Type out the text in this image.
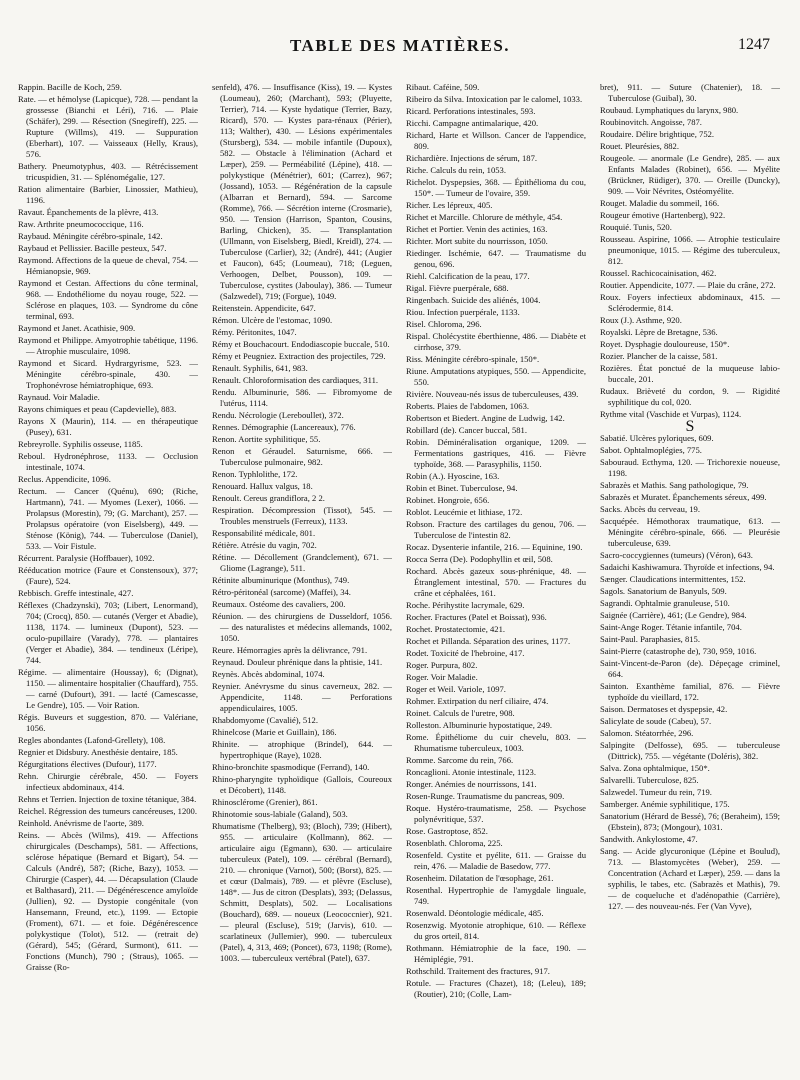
TABLE DES MATIÈRES.	1247

Rappin. Bacille de Koch, 259.

Rate. — et hémolyse (Lapicque), 728. — pendant la grossesse (Bianchi et Léri), 716. — Plaie (Schäfer), 299. — Résection (Snegireff), 225. — Rupture (Willms), 419. — Suppuration (Eberhart), 107. — Vaisseaux (Helly, Kraus), 576.

Bathery. Pneumotyphus, 403. — Rétrécissement tricuspidien, 31. — Splénomégalie, 127.

Ration alimentaire (Barbier, Linossier, Mathieu), 1196.

Ravaut. Épanchements de la plèvre, 413.

Raw. Arthrite pneumococcique, 116.

Raybaud. Méningite cérébro-spinale, 142.

Raybaud et Pellissier. Bacille pesteux, 547.

Raymond. Affections de la queue de cheval, 754. — Hémianopsie, 969.

Raymond et Cestan. Affections du cône terminal, 968. — Endothéliome du noyau rouge, 522. — Sclérose en plaques, 103. — Syndrome du cône terminal, 693.

Raymond et Janet. Acathisie, 909.

Raymond et Philippe. Amyotrophie tabétique, 1196. — Atrophie musculaire, 1098.

Raymond et Sicard. Hydrargyrisme, 523. — Méningite cérébro-spinale, 430. — Trophonévrose hémiatrophique, 693.

Raynaud. Voir Maladie.

Rayons chimiques et peau (Capdevielle), 883.

Rayons X (Maurin), 114. — en thérapeutique (Pusey), 631.

Rebreyrolle. Syphilis osseuse, 1185.

Reboul. Hydronéphrose, 1133. — Occlusion intestinale, 1074.

Reclus. Appendicite, 1096.

Rectum. — Cancer (Quénu), 690; (Riche, Hartmann), 741. — Myomes (Lexer), 1066. — Prolapsus (Morestin), 79; (G. Marchant), 257. — Prolapsus opératoire (von Eiselsberg), 449. — Sténose (König), 744. — Tuberculose (Daniel), 533. — Voir Fistule.

Récurrent. Paralysie (Hoffbauer), 1092.

Rééducation motrice (Faure et Constensoux), 377; (Faure), 524.

Rebbisch. Greffe intestinale, 427.

Réflexes (Chadzynski), 703; (Libert, Lenormand), 704; (Crocq), 850. — cutanés (Verger et Abadie), 1138, 1174. — lumineux (Dupont), 523. — oculo-pupillaire (Varady), 778. — plantaires (Verger et Abadie), 384. — tendineux (Léripe), 744.

Régime. — alimentaire (Houssay), 6; (Dignat), 1150. — alimentaire hospitalier (Chauffard), 755. — carné (Dufourt), 391. — lacté (Camescasse, Le Gendre), 105. — Voir Ration.

Régis. Buveurs et suggestion, 870. — Valériane, 1056.

Regles abondantes (Lafond-Grellety), 108.

Regnier et Didsbury. Anesthésie dentaire, 185.

Régurgitations électives (Dufour), 1177.

Rehn. Chirurgie cérébrale, 450. — Foyers infectieux abdominaux, 414.

Rehns et Terrien. Injection de toxine tétanique, 384.

Reichel. Régression des tumeurs cancéreuses, 1200.

Reinhold. Anévrisme de l'aorte, 389.

Reins. — Abcès (Wilms), 419. — Affections chirurgicales (Deschamps), 581. — Affections, sclérose hépatique (Bernard et Bigart), 54. — Calculs (André), 587; (Riche, Bazy), 1053. — Chirurgie (Casper), 44. — Décapsulation (Claude et Balthasard), 211. — Dégénérescence amyloïde (Jullien), 92. — Dystopie congénitale (von Hansemann, Freund, etc.), 1199. — Ectopie (Froment), 671. — et foie. Dégénérescence polykystique (Tolot), 512. — (retrait de) (Gérard), 545; (Gérard, Surmont), 611. — Fonctions (Munch), 790 ; (Straus), 1065. — Graisse (Ro-

senfeld), 476. — Insuffisance (Kiss), 19. — Kystes (Loumeau), 260; (Marchant), 593; (Pluyette, Terrier), 714. — Kyste hydatique (Terrier, Bazy, Ricard), 570. — Kystes para-rénaux (Périer), 113; Walther), 430. — Lésions expérimentales (Stursberg), 534. — mobile infantile (Dupoux), 582. — Obstacle à l'élimination (Achard et Læper), 259. — Perméabilité (Lépine), 418. — polykystique (Ménétrier), 601; (Carrez), 967; (Jossand), 1053. — Régénération de la capsule (Albarran et Bernard), 594. — Sarcome (Romme), 766. — Sécrétion interne (Crosmarie), 950. — Tension (Harrison, Spanton, Cousins, Barling, Chicken), 35. — Transplantation (Ullmann, von Eiselsberg, Biedl, Kreidl), 274. — Tuberculose (Carlier), 32; (André), 441; (Augier et Faucon), 645; (Loumeau), 718; (Leguen, Verhoogen, Delbet, Pousson), 109. — Tuberculose, cystites (Jaboulay), 386. — Tumeur (Salzwedel), 719; (Forgue), 1049.

Reitenstein. Appendicite, 647.

Rémon. Ulcère de l'estomac, 1090.

Rémy. Péritonites, 1047.

Rémy et Bouchacourt. Endodiascopie buccale, 510.

Rémy et Peugniez. Extraction des projectiles, 729.

Renault. Syphilis, 641, 983.

Renault. Chloroformisation des cardiaques, 311.

Rendu. Albuminurie, 586. — Fibromyome de l'utérus, 1114.

Rendu. Nécrologie (Lereboullet), 372.

Rennes. Démographie (Lancereaux), 776.

Renon. Aortite syphilitique, 55.

Renon et Géraudel. Saturnisme, 666. — Tuberculose pulmonaire, 982.

Renon. Typhlolithe, 172.

Renouard. Hallux valgus, 18.

Renoult. Cereus grandiflora, 2 2.

Respiration. Décompression (Tissot), 545. — Troubles menstruels (Ferreux), 1133.

Responsabilité médicale, 801.

Rétière. Atrésie du vagin, 702.

Rétine. — Décollement (Grandclement), 671. — Gliome (Lagrange), 511.

Rétinite albuminurique (Monthus), 749.

Rétro-péritonéal (sarcome) (Maffei), 34.

Reumaux. Ostéome des cavaliers, 200.

Réunion. — des chirurgiens de Dusseldorf, 1056. — des naturalistes et médecins allemands, 1002, 1050.

Reure. Hémorragies après la délivrance, 791.

Reynaud. Douleur phrénique dans la phtisie, 141.

Reynès. Abcès abdominal, 1074.

Reynier. Anévrysme du sinus caverneux, 282. — Appendicite, 1148. — Perforations appendiculaires, 1005.

Rhabdomyome (Cavalié), 512.

Rhinelcose (Marie et Guillain), 186.

Rhinite. — atrophique (Brindel), 644. — hypertrophique (Raye), 1028.

Rhino-bronchite spasmodique (Ferrand), 140.

Rhino-pharyngite typhoïdique (Gallois, Coureoux et Décobert), 1148.

Rhinosclérome (Grenier), 861.

Rhinotomie sous-labiale (Galand), 503.

Rhumatisme (Thelberg), 93; (Bloch), 739; (Hibert), 955. — articulaire (Kollmann), 862. — articulaire aigu (Egmann), 630. — articulaire tuberculeux (Patel), 109. — cérébral (Bernard), 210. — chronique (Varnot), 500; (Borst), 825. — et cœur (Dalmais), 789. — et plèvre (Escluse), 148*. — Jus de citron (Desplats), 393; (Delassus, Schmitt, Desplats), 502. — Localisations (Bouchard), 689. — noueux (Leococcnier), 921. — pleural (Escluse), 519; (Jarvis), 610. — scarlatineux (Jullemier), 990. — tuberculeux (Patel), 4, 313, 469; (Poncet), 673, 1198; (Rome), 1003. — tuberculeux vertébral (Patel), 637.

Ribaut. Caféine, 509.

Ribeiro da Silva. Intoxication par le calomel, 1033.

Ricard. Perforations intestinales, 593.

Ricchi. Campagne antimalarique, 420.

Richard, Harte et Willson. Cancer de l'appendice, 809.

Richardière. Injections de sérum, 187.

Riche. Calculs du rein, 1053.

Richelot. Dyspepsies, 368. — Épithélioma du cou, 150*. — Tumeur de l'ovaire, 359.

Richer. Les lépreux, 405.

Richet et Marcille. Chlorure de méthyle, 454.

Richet et Portier. Venin des actinies, 163.

Richter. Mort subite du nourrisson, 1050.

Riedinger. Ischémie, 647. — Traumatisme du genou, 696.

Riehl. Calcification de la peau, 177.

Rigal. Fièvre puerpérale, 688.

Ringenbach. Suicide des aliénés, 1004.

Riou. Infection puerpérale, 1133.

Risel. Chloroma, 296.

Rispal. Cholécystite éberthienne, 486. — Diabète et cirrhose, 379.

Riss. Méningite cérébro-spinale, 150*.

Riune. Amputations atypiques, 550. — Appendicite, 550.

Rivière. Nouveau-nés issus de tuberculeuses, 439.

Roberts. Plaies de l'abdomen, 1063.

Robertson et Biedert. Angine de Ludwig, 142.

Robillard (de). Cancer buccal, 581.

Robin. Déminéralisation organique, 1209. — Fermentations gastriques, 416. — Fièvre typhoïde, 368. — Parasyphilis, 1150.

Robin (A.). Hyoscine, 163.

Robin et Binet. Tuberculose, 94.

Robinet. Hongroie, 656.

Roblot. Leucémie et lithiase, 172.

Robson. Fracture des cartilages du genou, 706. — Tuberculose de l'intestin 82.

Rocaz. Dysenterie infantile, 216. — Equinine, 190.

Rocca Serra (De). Podophyllin et œil, 508.

Rochard. Abcès gazeux sous-phrénique, 48. — Étranglement intestinal, 570. — Fractures du crâne et céphalées, 161.

Roche. Périhystite lacrymale, 629.

Rocher. Fractures (Patel et Boissat), 936.

Rochet. Prostatectomie, 421.

Rochet et Pillanda. Séparation des urines, 1177.

Rodet. Toxicité de l'hebroine, 417.

Roger. Purpura, 802.

Roger. Voir Maladie.

Roger et Weil. Variole, 1097.

Rohmer. Extirpation du nerf ciliaire, 474.

Roinet. Calculs de l'uretre, 908.

Rolleston. Albuminurie hypostatique, 249.

Rome. Épithéliome du cuir chevelu, 803. — Rhumatisme tuberculeux, 1003.

Romme. Sarcome du rein, 766.

Roncaglioni. Atonie intestinale, 1123.

Ronger. Anémies de nourrissons, 141.

Rosen-Runge. Traumatisme du pancreas, 909.

Roque. Hystéro-traumatisme, 258. — Psychose polynévritique, 537.

Rose. Gastroptose, 852.

Rosenblath. Chloroma, 225.

Rosenfeld. Cystite et pyélite, 611. — Graisse du rein, 476. — Maladie de Basedow, 777.

Rosenheim. Dilatation de l'œsophage, 261.

Rosenthal. Hypertrophie de l'amygdale linguale, 749.

Rosenwald. Déontologie médicale, 485.

Rosenzwig. Myotonie atrophique, 610. — Réflexe du gros orteil, 814.

Rothmann. Hémiatrophie de la face, 190. — Hémiplégie, 791.

Rothschild. Traitement des fractures, 917.

Rotule. — Fractures (Chazet), 18; (Leleu), 189; (Routier), 210; (Colle, Lam-

bret), 911. — Suture (Chatenier), 18. — Tuberculose (Guibal), 30.

Roubaud. Lymphatiques du larynx, 980.

Roubinovitch. Angoisse, 787.

Roudaire. Délire brightique, 752.

Rouet. Pleurésies, 882.

Rougeole. — anormale (Le Gendre), 285. — aux Enfants Malades (Robinet), 656. — Myélite (Brückner, Rüdiger), 370. — Oreille (Duncky), 909. — Voir Névrites, Ostéomyélite.

Rouget. Maladie du sommeil, 166.

Rougeur émotive (Hartenberg), 922.

Rouquié. Tunis, 520.

Rousseau. Aspirine, 1066. — Atrophie testiculaire pneumonique, 1015. — Régime des tuberculeux, 812.

Roussel. Rachicocainisation, 462.

Routier. Appendicite, 1077. — Plaie du crâne, 272.

Roux. Foyers infectieux abdominaux, 415. — Sclérodermie, 814.

Roux (J.). Asthme, 920.

Royalski. Lèpre de Bretagne, 536.

Royet. Dysphagie douloureuse, 150*.

Rozier. Plancher de la caisse, 581.

Rozières. État ponctué de la muqueuse labio-buccale, 201.

Rudaux. Brièveté du cordon, 9. — Rigidité syphilitique du col, 020.

Rythme vital (Vaschide et Vurpas), 1124.

S

Sabatié. Ulcères pyloriques, 609.

Sabot. Ophtalmoplégies, 775.

Sabouraud. Ecthyma, 120. — Trichorexie noueuse, 1198.

Sabrazès et Mathis. Sang pathologique, 79.

Sabrazès et Muratet. Épanchements séreux, 499.

Sacks. Abcès du cerveau, 19.

Sacquépée. Hémothorax traumatique, 613. — Méningite cérébro-spinale, 666. — Pleurésie tuberculeuse, 639.

Sacro-coccygiennes (tumeurs) (Véron), 643.

Sadaichi Kashiwamura. Thyroïde et infections, 94.

Sænger. Claudications intermittentes, 152.

Sagols. Sanatorium de Banyuls, 509.

Sagrandi. Ophtalmie granuleuse, 510.

Saignée (Carrière), 461; (Le Gendre), 984.

Saint-Ange Roger. Tétanie infantile, 704.

Saint-Paul. Paraphasies, 815.

Saint-Pierre (catastrophe de), 730, 959, 1016.

Saint-Vincent-de-Paron (de). Dépeçage criminel, 664.

Sainton. Exanthème familial, 876. — Fièvre typhoïde du vieillard, 172.

Saison. Dermatoses et dyspepsie, 42.

Salicylate de soude (Cabeu), 57.

Salomon. Stéatorrhée, 296.

Salpingite (Delfosse), 695. — tuberculeuse (Dittrick), 755. — végétante (Doléris), 382.

Salva. Zona ophtalmique, 150*.

Salvarelli. Tuberculose, 825.

Salzwedel. Tumeur du rein, 719.

Samberger. Anémie syphilitique, 175.

Sanatorium (Hérard de Bessé), 76; (Beraheim), 159; (Ebstein), 873; (Mongour), 1031.

Sandwith. Ankylostome, 47.

Sang. — Acide glycuronique (Lépine et Boulud), 713. — Blastomycètes (Weber), 259. — Concentration (Achard et Læper), 259. — dans la syphilis, le tabes, etc. (Sabrazès et Mathis), 79. — de coqueluche et d'adénopathie (Carrière), 127. — des nouveau-nés. Fer (Van Vyve),
